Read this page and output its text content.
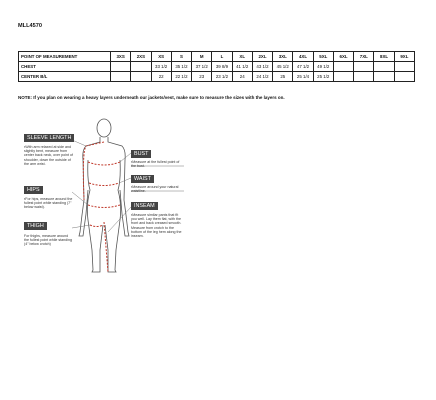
MLL4570
POINT OF MEASUREMENT	3XS	2XS	XS	S	M	L	XL	2XL	3XL	4XL	5XL	6XL	7XL	8XL	9XL
CHEST			33 1/2	35 1/2	37 1/2	39 8/9	41 1/2	43 1/2	45 1/2	47 1/2	49 1/2				
CENTER B/L			22	22 1/2	23	23 1/2	24	24 1/2	25	25 1/4	25 1/2				
NOTE: If you plan on wearing a heavy layers underneath our jackets/vest, make sure to measure the sizes with the layers on.
SLEEVE LENGTH
▪ With arm relaxed at side and slightly bent, measure from center back neck, over point of shoulder, down the outside of the arm wrist.
HIPS
▪ For hips, measure around the fullest point while standing (7" below waist).
THIGH
For thighs, measure around the fullest point while standing (4" below crotch)
BUST
▪ Measure at the fullest point of the bust.
WAIST
▪ Measure around your natural waistline.
INSEAM
▪ Measure similar pants that fit you well. Lay them flat, with the front and back creased smooth. Measure from crotch to the bottom of the leg hem along the inseam.
